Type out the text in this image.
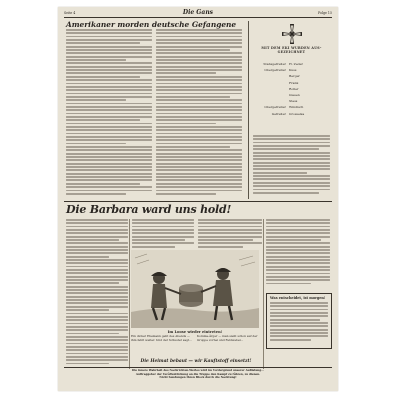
Seite 4	Die Gans	Folge 15
Amerikaner morden deutsche Gefangene
MIT DEM EKI WURDEN AUS-
GEZEICHNET
Stabsgefreiter H. Zeder
Obergefreiter Kuss
Berger
Frank
Roller
Giesen
Stess
Obergefreiter Windisch
Gefreiter Grosselsa
Die Barbara ward uns hold!
Im Loose wieder eintreten!
Ein dicker Ehemann geht des Abends — ihm fehlt weiter. Und der Schuster sagt...
Komma-Ärger — man sieht schon auf der Gruppe vorbei und Feldwebel...
Was entscheidet, ist morgen!
Die Heimat bebaut — wir Kauftstoff einsetzt!
Die innere Wahrheit des Nachrichten-Wertes wird im Vordergrund unserer Auflistung...
Auftraggeber der Veröffentlichung an die Truppe den Kampf zu führen, zu dienen.
Nicht Sendungen Ihren Block durch die Nachtung!
